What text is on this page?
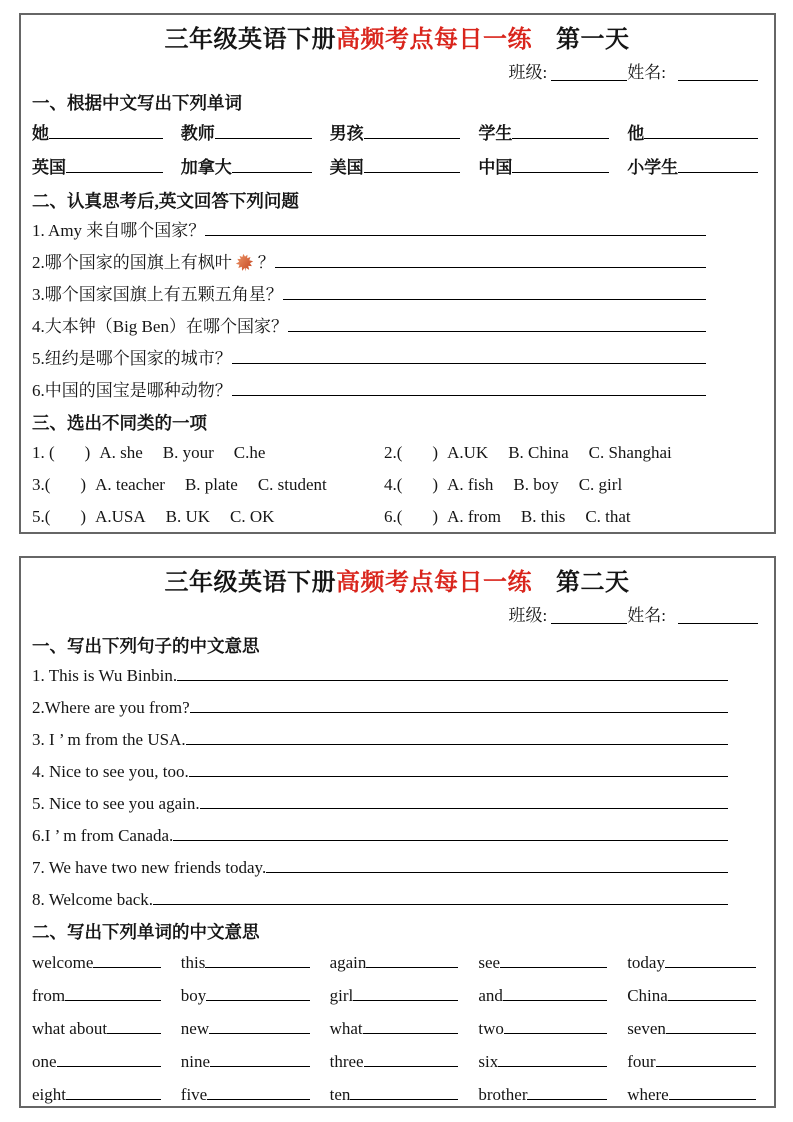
三年级英语下册高频考点每日一练 第一天
班级:	姓名:
一、根据中文写出下列单词
她	教师	男孩	学生	他
英国	加拿大	美国	中国	小学生
二、认真思考后,英文回答下列问题
1. Amy 来自哪个国家？
2.哪个国家的国旗上有枫叶 ？
3.哪个国家国旗上有五颗五角星？
4.大本钟（Big Ben）在哪个国家？
5.纽约是哪个国家的城市？
6.中国的国宝是哪种动物？
三、选出不同类的一项
1. ( ) A. she B. your C.he	2.( ) A.UK B. China C. Shanghai
3.( ) A. teacher B. plate C. student	4.( ) A. fish B. boy C. girl
5.( ) A.USA B. UK C. OK	6.( ) A. from B. this C. that
三年级英语下册高频考点每日一练 第二天
班级:	姓名:
一、写出下列句子的中文意思
1. This is Wu Binbin.
2.Where are you from?
3. I ’ m from the USA.
4. Nice to see you, too.
5. Nice to see you again.
6.I ’ m from Canada.
7. We have two new friends today.
8. Welcome back.
二、写出下列单词的中文意思
welcome	this	again	see	today
from	boy	girl	and	China
what about	new	what	two	seven
one	nine	three	six	four
eight	five	ten	brother	where
